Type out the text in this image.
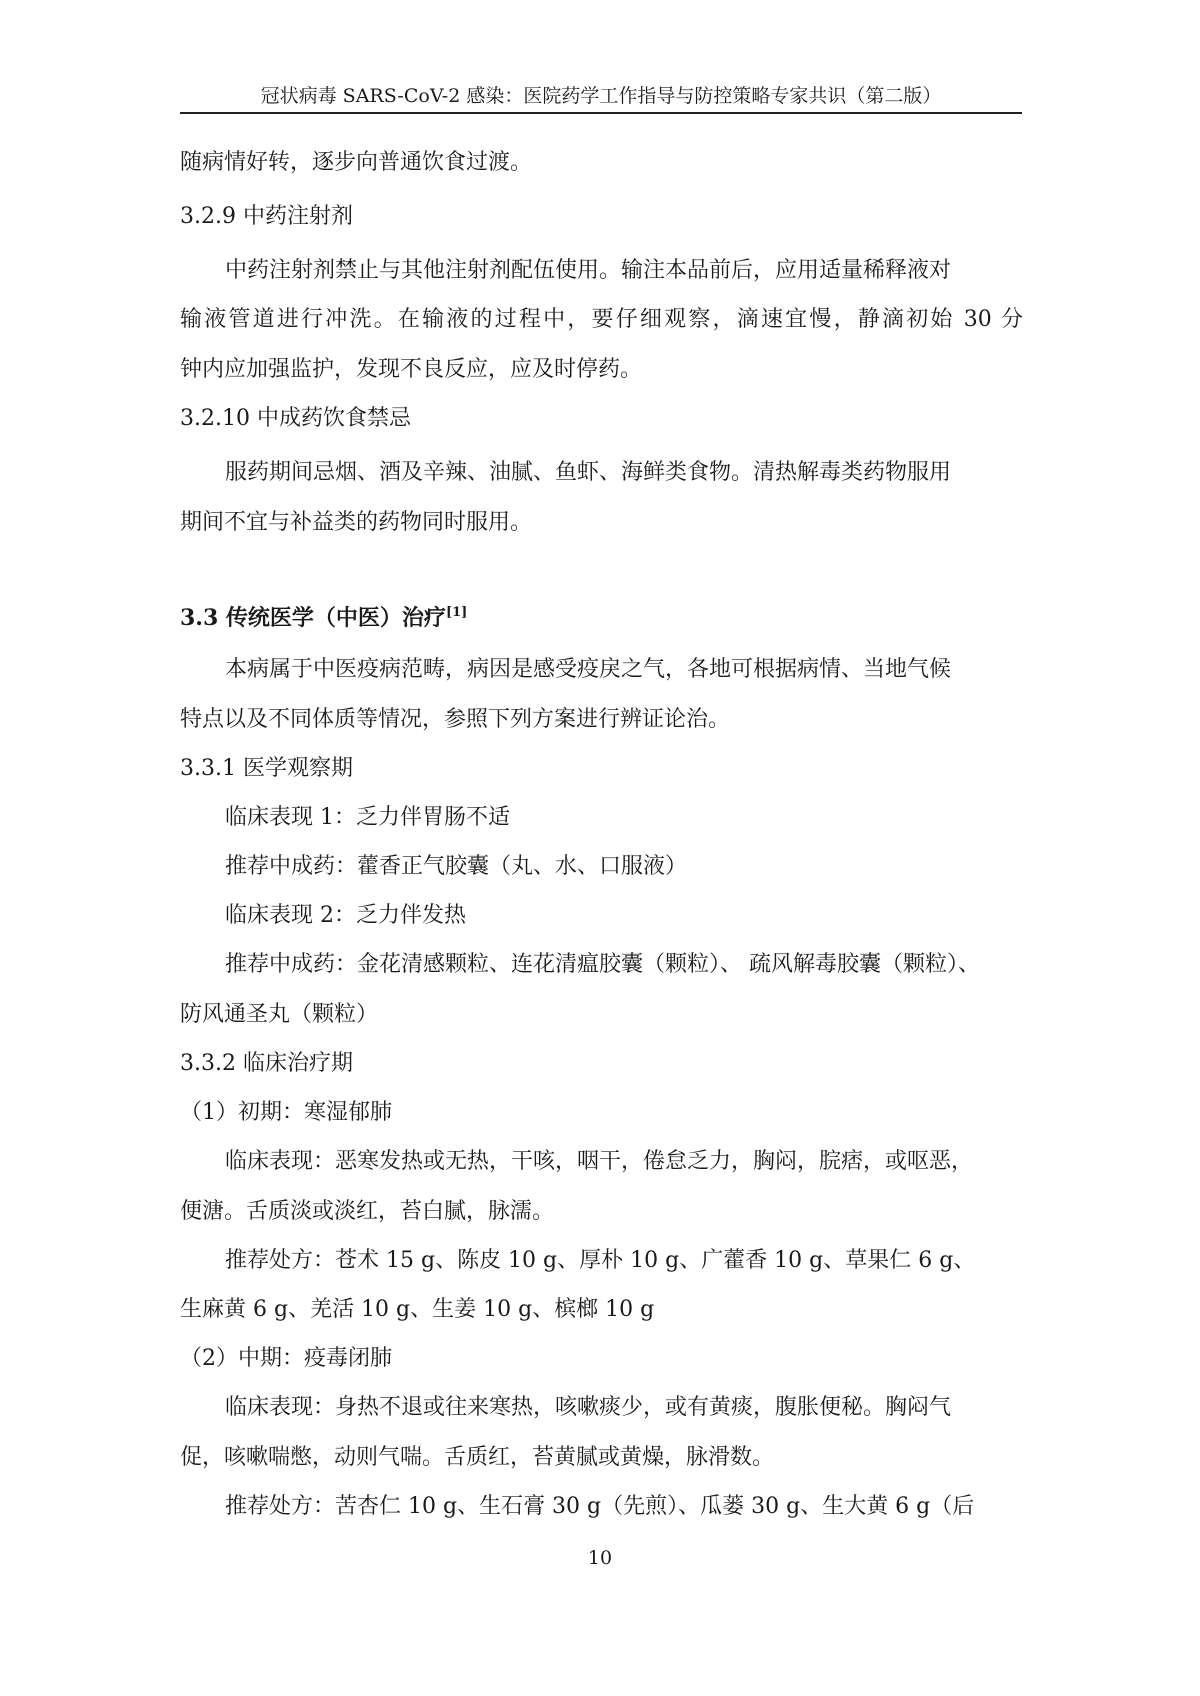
冠状病毒 SARS-CoV-2 感染：医院药学工作指导与防控策略专家共识（第二版）
随病情好转，逐步向普通饮食过渡。
3.2.9 中药注射剂
中药注射剂禁止与其他注射剂配伍使用。输注本品前后，应用适量稀释液对
输液管道进行冲洗。在输液的过程中，要仔细观察，滴速宜慢，静滴初始 30 分
钟内应加强监护，发现不良反应，应及时停药。
3.2.10 中成药饮食禁忌
服药期间忌烟、酒及辛辣、油腻、鱼虾、海鲜类食物。清热解毒类药物服用
期间不宜与补益类的药物同时服用。
3.3 传统医学（中医）治疗[1]
本病属于中医疫病范畴，病因是感受疫戾之气，各地可根据病情、当地气候
特点以及不同体质等情况，参照下列方案进行辨证论治。
3.3.1 医学观察期
临床表现 1：乏力伴胃肠不适
推荐中成药：藿香正气胶囊（丸、水、口服液）
临床表现 2：乏力伴发热
推荐中成药：金花清感颗粒、连花清瘟胶囊（颗粒）、 疏风解毒胶囊（颗粒）、
防风通圣丸（颗粒）
3.3.2 临床治疗期
（1）初期：寒湿郁肺
临床表现：恶寒发热或无热，干咳，咽干，倦怠乏力，胸闷，脘痞，或呕恶，
便溏。舌质淡或淡红，苔白腻，脉濡。
推荐处方：苍术 15 g、陈皮 10 g、厚朴 10 g、广藿香 10 g、草果仁 6 g、
生麻黄 6 g、羌活 10 g、生姜 10 g、槟榔 10 g
（2）中期：疫毒闭肺
临床表现：身热不退或往来寒热，咳嗽痰少，或有黄痰，腹胀便秘。胸闷气
促，咳嗽喘憋，动则气喘。舌质红，苔黄腻或黄燥，脉滑数。
推荐处方：苦杏仁 10 g、生石膏 30 g（先煎）、瓜蒌 30 g、生大黄 6 g（后
10
